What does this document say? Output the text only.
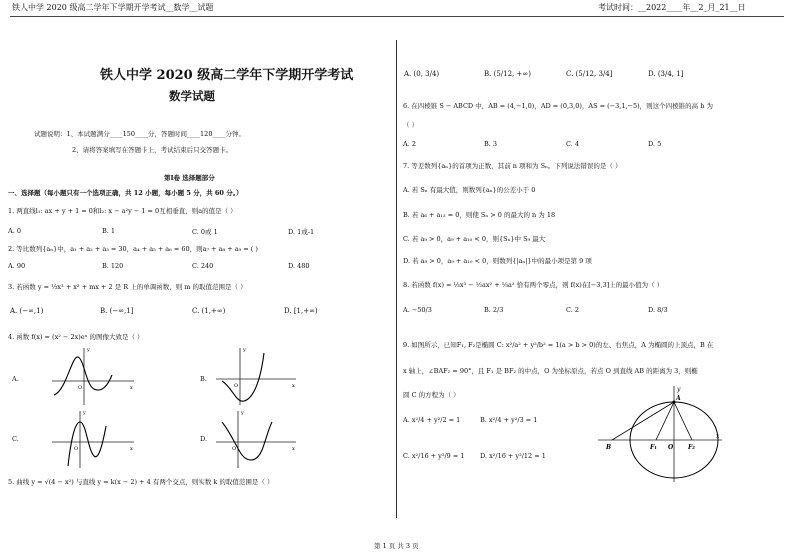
铁人中学 2020 级高二学年下学期开学考试__数学__试题	考试时间：__2022____年__2_月_21__日
铁人中学 2020 级高二学年下学期开学考试
数学试题
试题说明：1、本试题满分____150____分，答题时间____120____分钟。
2、请将答案填写在答题卡上，考试结束后只交答题卡。
第Ⅰ卷 选择题部分
一、选择题（每小题只有一个选项正确，共 12 小题，每小题 5 分，共 60 分。）
1. 两直线l₁: ax + y + 1 = 0和l₂: x − a²y − 1 = 0互相垂直，则a的值是（ ）
A. 0	B. 1	C. 0或 1	D. 1或-1
2. 等比数列{aₙ}中，a₁ + a₂ + a₃ = 30，a₄ + a₅ + a₆ = 60，则a₇ + a₈ + a₉ = ( )
A. 90	B. 120	C. 240	D. 480
3. 若函数 y = ⅓x³ + x² + mx + 2 是 R 上的单调函数，则 m 的取值范围是（ ）
A. (−∞,1)	B. (−∞,1]	C. (1,+∞)	D. [1,+∞)
4. 函数 f(x) = (x² − 2x)eˣ 的图像大致是（ ）
A.
y
x
O
B.
y
x
O
C.
y
x
O
D.
y
x
O
5. 曲线 y = √(4 − x²) 与直线 y = k(x − 2) + 4 有两个交点，则实数 k 的取值范围是（ ）
A. (0, 3/4)	B. (5/12, +∞)	C. (5/12, 3/4]	D. (3/4, 1]
6. 在四棱锥 S − ABCD 中，AB = (4,−1,0)，AD = (0,3,0)，AS = (−3,1,−5)，则这个四棱锥的高 h 为
（ ）
A. 2	B. 3	C. 4	D. 5
7. 等差数列{aₙ}的首项为正数，其前 n 项和为 Sₙ。下列说法错误的是（ ）
A. 若 Sₙ 有最大值，则数列{aₙ}的公差小于 0
B. 若 a₆ + a₁₃ = 0，则使 Sₙ > 0 的最大的 n 为 18
C. 若 a₉ > 0，a₉ + a₁₀ < 0，则{Sₙ}中 S₉ 最大
D. 若 a₉ > 0，a₉ + a₁₀ < 0，则数列{|aₙ|}中的最小项是第 9 项
8. 若函数 f(x) = ⅓x³ − ½ax² + ⅓a² 恰有两个零点，则 f(x)在[−3,3]上的最小值为（ ）
A. −50/3	B. 2/3	C. 2	D. 8/3
9. 如图所示，已知F₁, F₂是椭圆 C: x²/a² + y²/b² = 1(a > b > 0)的左、右焦点，A 为椭圆的上顶点，B 在
x 轴上，∠BAF₂ = 90°，且 F₁ 是 BF₂ 的中点，O 为坐标原点，若点 O 到直线 AB 的距离为 3，则椭
圆 C 的方程为（ ）
A. x²/4 + y²/2 = 1	B. x²/4 + y²/3 = 1
C. x²/16 + y²/9 = 1 D. x²/16 + y²/12 = 1
A
B	F₁ O F₂
x
y
第 1 页 共 3 页
